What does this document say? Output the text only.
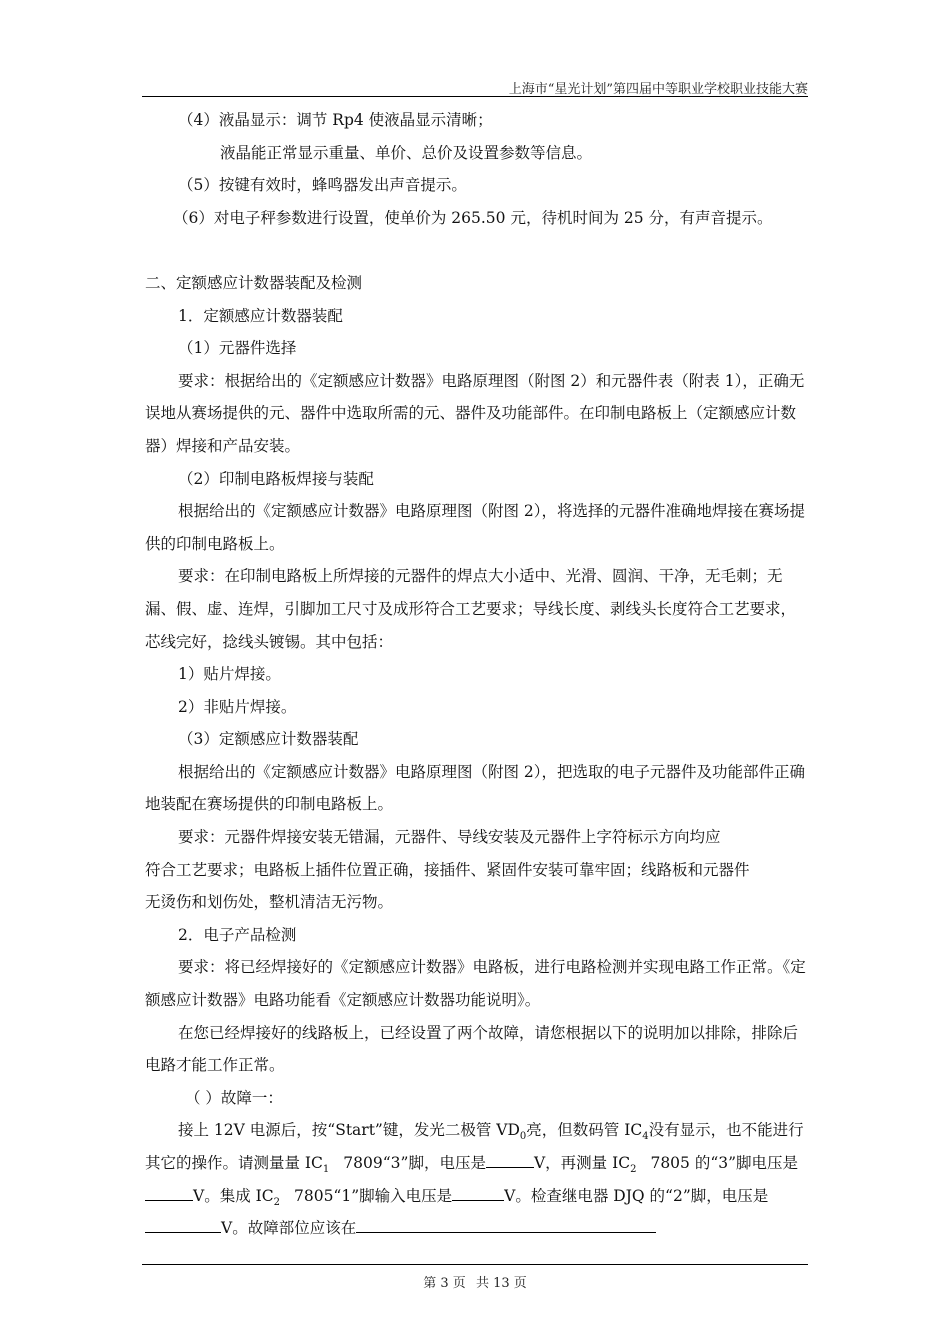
上海市“星光计划”第四届中等职业学校职业技能大赛

（4）液晶显示：调节 Rp4 使液晶显示清晰；

液晶能正常显示重量、单价、总价及设置参数等信息。

（5）按键有效时，蜂鸣器发出声音提示。

（6）对电子秤参数进行设置，使单价为 265.50 元，待机时间为 25 分，有声音提示。

二、定额感应计数器装配及检测

1．定额感应计数器装配

（1）元器件选择

要求：根据给出的《定额感应计数器》电路原理图（附图 2）和元器件表（附表 1），正确无误地从赛场提供的元、器件中选取所需的元、器件及功能部件。在印制电路板上（定额感应计数器）焊接和产品安装。

（2）印制电路板焊接与装配

根据给出的《定额感应计数器》电路原理图（附图 2），将选择的元器件准确地焊接在赛场提供的印制电路板上。

要求：在印制电路板上所焊接的元器件的焊点大小适中、光滑、圆润、干净，无毛刺；无漏、假、虚、连焊，引脚加工尺寸及成形符合工艺要求；导线长度、剥线头长度符合工艺要求，芯线完好，捻线头镀锡。其中包括：

1）贴片焊接。

2）非贴片焊接。

（3）定额感应计数器装配

根据给出的《定额感应计数器》电路原理图（附图 2），把选取的电子元器件及功能部件正确地装配在赛场提供的印制电路板上。

要求：元器件焊接安装无错漏，元器件、导线安装及元器件上字符标示方向均应

符合工艺要求；电路板上插件位置正确，接插件、紧固件安装可靠牢固；线路板和元器件

无烫伤和划伤处，整机清洁无污物。

2．电子产品检测

要求：将已经焊接好的《定额感应计数器》电路板，进行电路检测并实现电路工作正常。《定额感应计数器》电路功能看《定额感应计数器功能说明》。

在您已经焊接好的线路板上，已经设置了两个故障，请您根据以下的说明加以排除，排除后电路才能工作正常。

（ ）故障一：

接上 12V 电源后，按“Start”键，发光二极管 $VD_0$亮，但数码管 $IC_4$没有显示，也不能进行其它的操作。请测量量 $IC_1$ 7809“3”脚，电压是	V，再测量 $IC_2$ 7805 的“3”脚电压是V。集成 $IC_2$ 7805“1”脚输入电压是	V。检查继电器 DJQ 的“2”脚，电压是V。故障部位应该在

第 3 页 共 13 页
